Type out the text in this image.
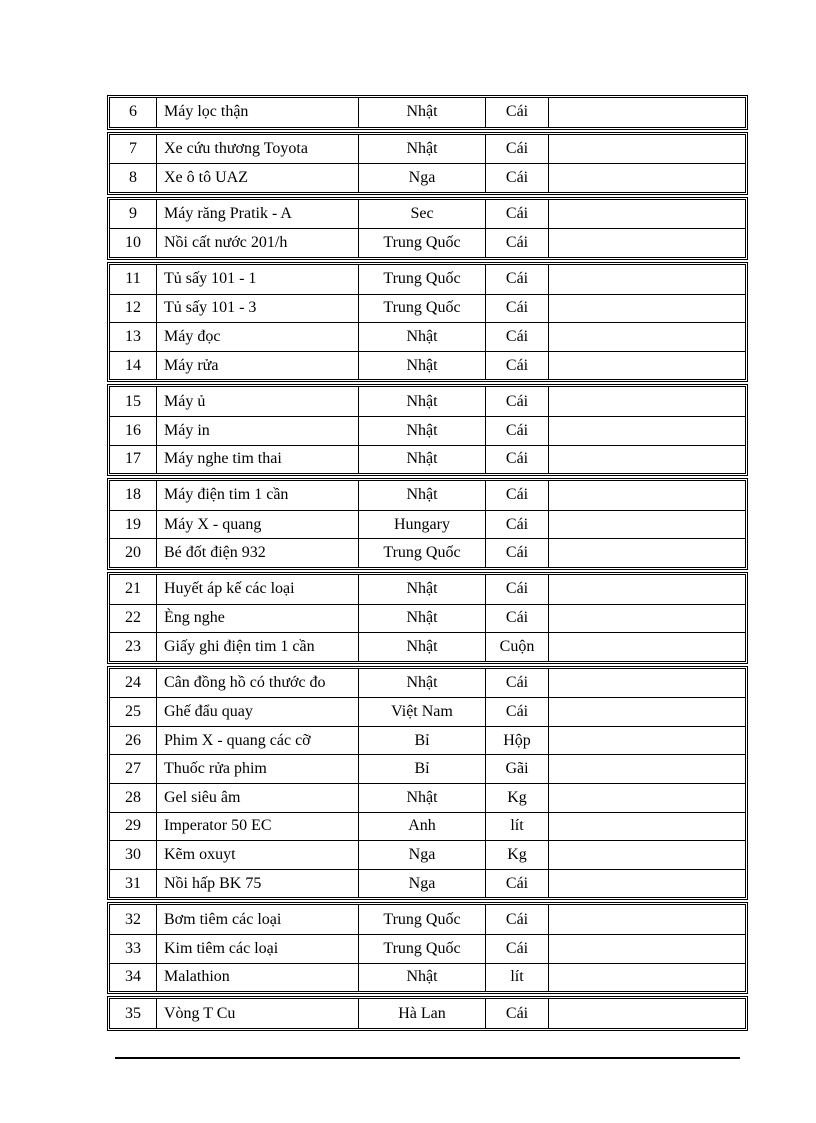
6	Máy lọc thận	Nhật	Cái
7	Xe cứu thương Toyota	Nhật	Cái
8	Xe ô tô UAZ	Nga	Cái
9	Máy răng Pratik - A	Sec	Cái
10	Nồi cất nước 201/h	Trung Quốc	Cái
11	Tủ sấy 101 - 1	Trung Quốc	Cái
12	Tủ sấy 101 - 3	Trung Quốc	Cái
13	Máy đọc	Nhật	Cái
14	Máy rửa	Nhật	Cái
15	Máy ủ	Nhật	Cái
16	Máy in	Nhật	Cái
17	Máy nghe tim thai	Nhật	Cái
18	Máy điện tim 1 cần	Nhật	Cái
19	Máy X - quang	Hungary	Cái
20	Bé đốt điện 932	Trung Quốc	Cái
21	Huyết áp kế các loại	Nhật	Cái
22	Èng nghe	Nhật	Cái
23	Giấy ghi điện tim 1 cần	Nhật	Cuộn
24	Cân đồng hồ có thước đo	Nhật	Cái
25	Ghế đẩu quay	Việt Nam	Cái
26	Phim X - quang các cỡ	Bỉ	Hộp
27	Thuốc rửa phim	Bỉ	Gãi
28	Gel siêu âm	Nhật	Kg
29	Imperator 50 EC	Anh	lít
30	Kẽm oxuyt	Nga	Kg
31	Nồi hấp BK 75	Nga	Cái
32	Bơm tiêm các loại	Trung Quốc	Cái
33	Kim tiêm các loại	Trung Quốc	Cái
34	Malathion	Nhật	lít
35	Vòng T Cu	Hà Lan	Cái
